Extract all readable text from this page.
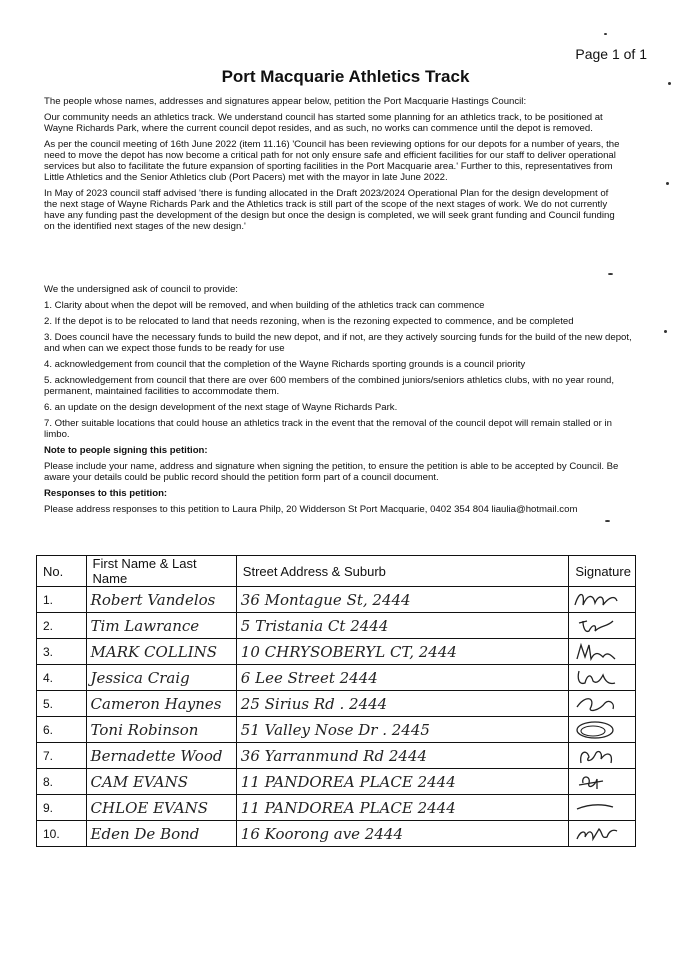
Page 1 of 1
Port Macquarie Athletics Track

The people whose names, addresses and signatures appear below, petition the Port Macquarie Hastings Council:

Our community needs an athletics track. We understand council has started some planning for an athletics track, to be positioned at Wayne Richards Park, where the current council depot resides, and as such, no works can commence until the depot is removed.

As per the council meeting of 16th June 2022 (item 11.16) 'Council has been reviewing options for our depots for a number of years, the need to move the depot has now become a critical path for not only ensure safe and efficient facilities for our staff to deliver operational services but also to facilitate the future expansion of sporting facilities in the Port Macquarie area.' Further to this, representatives from Little Athletics and the Senior Athletics club (Port Pacers) met with the mayor in late June 2022.

In May of 2023 council staff advised 'there is funding allocated in the Draft 2023/2024 Operational Plan for the design development of the next stage of Wayne Richards Park and the Athletics track is still part of the scope of the next stages of work. We do not currently have any funding past the development of the design but once the design is completed, we will seek grant funding and Council funding on the identified next stages of the new design.'

We the undersigned ask of council to provide:

1. Clarity about when the depot will be removed, and when building of the athletics track can commence

2. If the depot is to be relocated to land that needs rezoning, when is the rezoning expected to commence, and be completed

3. Does council have the necessary funds to build the new depot, and if not, are they actively sourcing funds for the build of the new depot, and when can we expect those funds to be ready for use

4. acknowledgement from council that the completion of the Wayne Richards sporting grounds is a council priority

5. acknowledgement from council that there are over 600 members of the combined juniors/seniors athletics clubs, with no year round, permanent, maintained facilities to accommodate them.

6. an update on the design development of the next stage of Wayne Richards Park.

7. Other suitable locations that could house an athletics track in the event that the removal of the council depot will remain stalled or in limbo.

Note to people signing this petition:

Please include your name, address and signature when signing the petition, to ensure the petition is able to be accepted by Council. Be aware your details could be public record should the petition form part of a council document.

Responses to this petition:

Please address responses to this petition to Laura Philp, 20 Widderson St Port Macquarie, 0402 354 804 liaulia@hotmail.com

No.	First Name & Last Name	Street Address & Suburb	Signature
1.	Robert Vandelos	36 Montague St, 2444	

2.	Tim Lawrance	5 Tristania Ct 2444	

3.	MARK COLLINS	10 CHRYSOBERYL CT, 2444	

4.	Jessica Craig	6 Lee Street 2444	

5.	Cameron Haynes	25 Sirius Rd . 2444	

6.	Toni Robinson	51 Valley Nose Dr . 2445	

7.	Bernadette Wood	36 Yarranmund Rd 2444	

8.	CAM EVANS	11 PANDOREA PLACE 2444	

9.	CHLOE EVANS	11 PANDOREA PLACE 2444	

10.	Eden De Bond	16 Koorong ave 2444	
